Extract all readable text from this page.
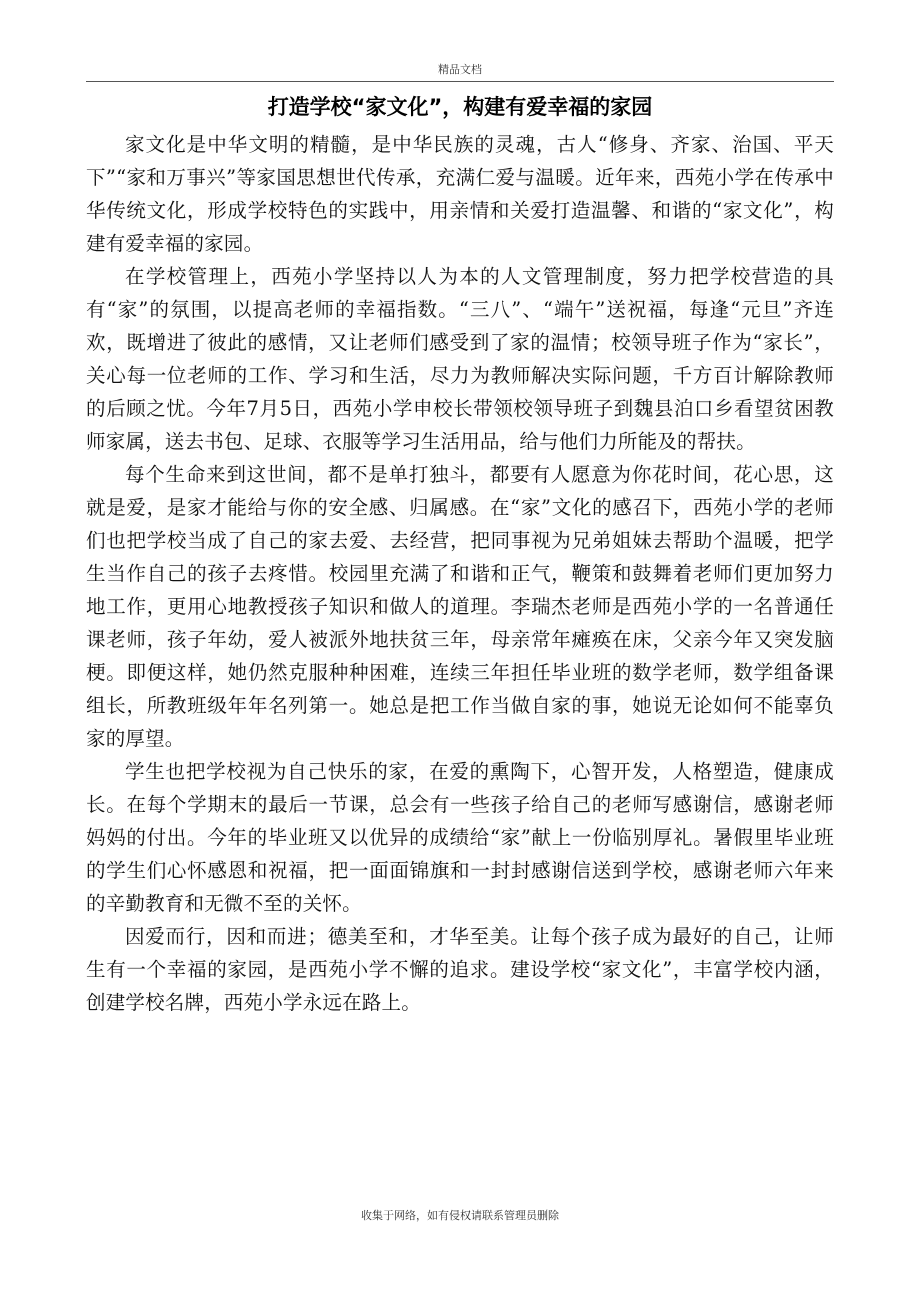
精品文档
打造学校“家文化”，构建有爱幸福的家园

家文化是中华文明的精髓，是中华民族的灵魂，古人“修身、齐家、治国、平天下”“家和万事兴”等家国思想世代传承，充满仁爱与温暖。近年来，西苑小学在传承中华传统文化，形成学校特色的实践中，用亲情和关爱打造温馨、和谐的“家文化”，构建有爱幸福的家园。

在学校管理上，西苑小学坚持以人为本的人文管理制度，努力把学校营造的具有“家”的氛围，以提高老师的幸福指数。“三八”、“端午”送祝福，每逢“元旦”齐连欢，既增进了彼此的感情，又让老师们感受到了家的温情；校领导班子作为“家长”，关心每一位老师的工作、学习和生活，尽力为教师解决实际问题，千方百计解除教师的后顾之忧。今年7月5日，西苑小学申校长带领校领导班子到魏县泊口乡看望贫困教师家属，送去书包、足球、衣服等学习生活用品，给与他们力所能及的帮扶。

每个生命来到这世间，都不是单打独斗，都要有人愿意为你花时间，花心思，这就是爱，是家才能给与你的安全感、归属感。在“家”文化的感召下，西苑小学的老师们也把学校当成了自己的家去爱、去经营，把同事视为兄弟姐妹去帮助个温暖，把学生当作自己的孩子去疼惜。校园里充满了和谐和正气，鞭策和鼓舞着老师们更加努力地工作，更用心地教授孩子知识和做人的道理。李瑞杰老师是西苑小学的一名普通任课老师，孩子年幼，爱人被派外地扶贫三年，母亲常年瘫痪在床，父亲今年又突发脑梗。即便这样，她仍然克服种种困难，连续三年担任毕业班的数学老师，数学组备课组长，所教班级年年名列第一。她总是把工作当做自家的事，她说无论如何不能辜负家的厚望。

学生也把学校视为自己快乐的家，在爱的熏陶下，心智开发，人格塑造，健康成长。在每个学期末的最后一节课，总会有一些孩子给自己的老师写感谢信，感谢老师妈妈的付出。今年的毕业班又以优异的成绩给“家”献上一份临别厚礼。暑假里毕业班的学生们心怀感恩和祝福，把一面面锦旗和一封封感谢信送到学校，感谢老师六年来的辛勤教育和无微不至的关怀。

因爱而行，因和而进；德美至和，才华至美。让每个孩子成为最好的自己，让师生有一个幸福的家园，是西苑小学不懈的追求。建设学校“家文化”，丰富学校内涵，创建学校名牌，西苑小学永远在路上。

收集于网络，如有侵权请联系管理员删除
